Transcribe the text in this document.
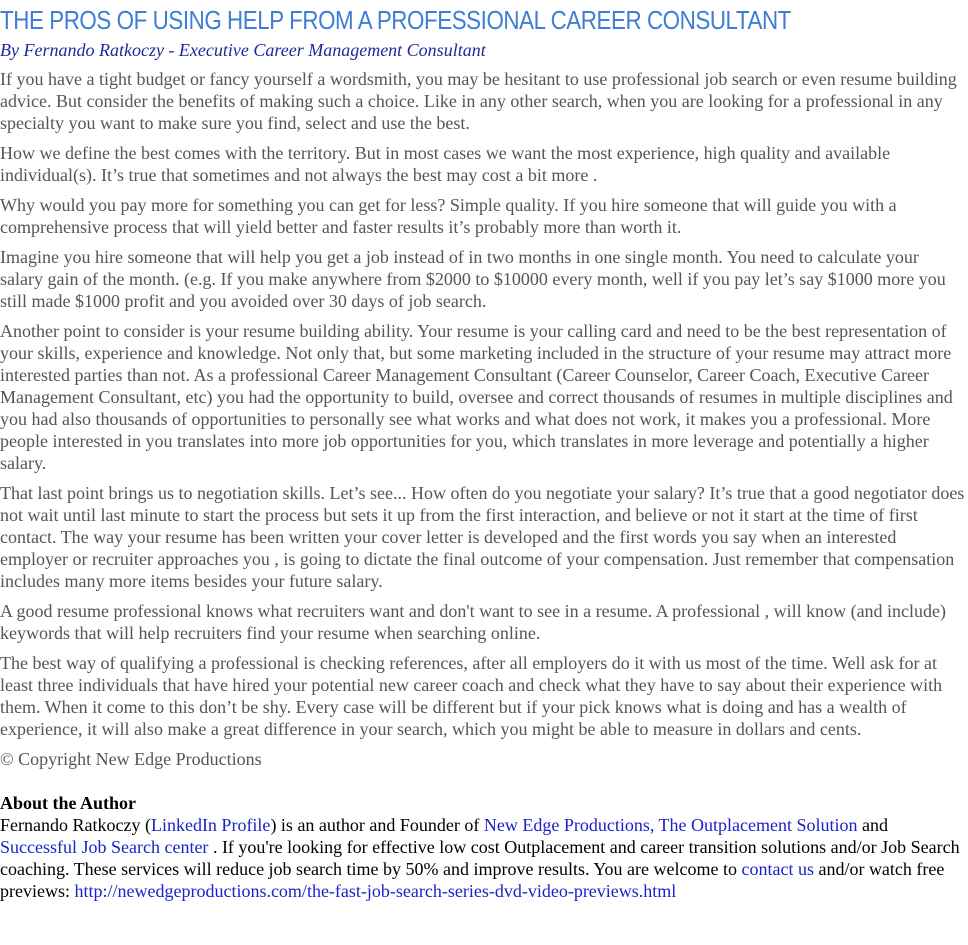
THE PROS OF USING HELP FROM A PROFESSIONAL CAREER CONSULTANT
By Fernando Ratkoczy - Executive Career Management Consultant

If you have a tight budget or fancy yourself a wordsmith, you may be hesitant to use professional job search or even resume building advice. But consider the benefits of making such a choice. Like in any other search, when you are looking for a professional in any specialty you want to make sure you find, select and use the best.

How we define the best comes with the territory. But in most cases we want the most experience, high quality and available individual(s). It’s true that sometimes and not always the best may cost a bit more .

Why would you pay more for something you can get for less? Simple quality. If you hire someone that will guide you with a comprehensive process that will yield better and faster results it’s probably more than worth it.

Imagine you hire someone that will help you get a job instead of in two months in one single month. You need to calculate your salary gain of the month. (e.g. If you make anywhere from $2000 to $10000 every month, well if you pay let’s say $1000 more you still made $1000 profit and you avoided over 30 days of job search.

Another point to consider is your resume building ability. Your resume is your calling card and need to be the best representation of your skills, experience and knowledge. Not only that, but some marketing included in the structure of your resume may attract more interested parties than not. As a professional Career Management Consultant (Career Counselor, Career Coach, Executive Career Management Consultant, etc) you had the opportunity to build, oversee and correct thousands of resumes in multiple disciplines and you had also thousands of opportunities to personally see what works and what does not work, it makes you a professional. More people interested in you translates into more job opportunities for you, which translates in more leverage and potentially a higher salary.

That last point brings us to negotiation skills. Let’s see... How often do you negotiate your salary? It’s true that a good negotiator does not wait until last minute to start the process but sets it up from the first interaction, and believe or not it start at the time of first contact. The way your resume has been written your cover letter is developed and the first words you say when an interested employer or recruiter approaches you , is going to dictate the final outcome of your compensation. Just remember that compensation includes many more items besides your future salary.

A good resume professional knows what recruiters want and don't want to see in a resume. A professional , will know (and include) keywords that will help recruiters find your resume when searching online.

The best way of qualifying a professional is checking references, after all employers do it with us most of the time. Well ask for at least three individuals that have hired your potential new career coach and check what they have to say about their experience with them. When it come to this don’t be shy. Every case will be different but if your pick knows what is doing and has a wealth of experience, it will also make a great difference in your search, which you might be able to measure in dollars and cents.

© Copyright New Edge Productions

About the Author

Fernando Ratkoczy (LinkedIn Profile) is an author and Founder of New Edge Productions, The Outplacement Solution and Successful Job Search center . If you're looking for effective low cost Outplacement and career transition solutions and/or Job Search coaching. These services will reduce job search time by 50% and improve results. You are welcome to contact us and/or watch free previews: http://newedgeproductions.com/the-fast-job-search-series-dvd-video-previews.html
